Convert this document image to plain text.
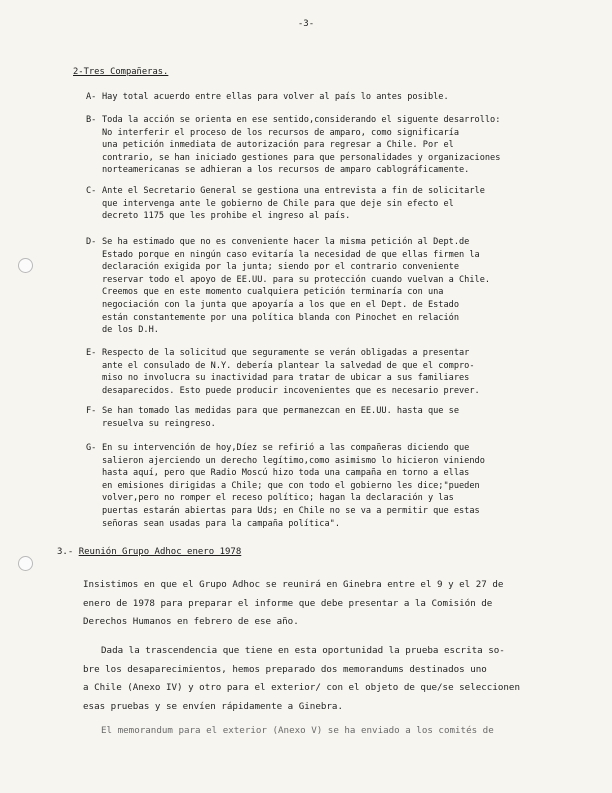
-3-
2-Tres Compañeras.
A- Hay total acuerdo entre ellas para volver al país lo antes posible.
B- Toda la acción se orienta en ese sentido,considerando el siguente desarrollo:
No interferir el proceso de los recursos de amparo, como significaría
una petición inmediata de autorización para regresar a Chile. Por el
contrario, se han iniciado gestiones para que personalidades y organizaciones
norteamericanas se adhieran a los recursos de amparo cablográficamente.
C- Ante el Secretario General se gestiona una entrevista a fin de solicitarle
que intervenga ante le gobierno de Chile para que deje sin efecto el
decreto 1175 que les prohibe el ingreso al país.
D- Se ha estimado que no es conveniente hacer la misma petición al Dept.de
Estado porque en ningún caso evitaría la necesidad de que ellas firmen la
declaración exigida por la junta; siendo por el contrario conveniente
reservar todo el apoyo de EE.UU. para su protección cuando vuelvan a Chile.
Creemos que en este momento cualquiera petición terminaría con una
negociación con la junta que apoyaría a los que en el Dept. de Estado
están constantemente por una política blanda con Pinochet en relación
de los D.H.
E- Respecto de la solicitud que seguramente se verán obligadas a presentar
ante el consulado de N.Y. debería plantear la salvedad de que el compro-
miso no involucra su inactividad para tratar de ubicar a sus familiares
desaparecidos. Esto puede producir incovenientes que es necesario prever.
F- Se han tomado las medidas para que permanezcan en EE.UU. hasta que se
resuelva su reingreso.
G- En su intervención de hoy,Díez se refirió a las compañeras diciendo que
salieron ajerciendo un derecho legítimo,como asimismo lo hicieron viniendo
hasta aquí, pero que Radio Moscú hizo toda una campaña en torno a ellas
en emisiones dirigidas a Chile; que con todo el gobierno les dice;"pueden
volver,pero no romper el receso político; hagan la declaración y las
puertas estarán abiertas para Uds; en Chile no se va a permitir que estas
señoras sean usadas para la campaña política".
3.- Reunión Grupo Adhoc enero 1978
Insistimos en que el Grupo Adhoc se reunirá en Ginebra entre el 9 y el 27 de
enero de 1978 para preparar el informe que debe presentar a la Comisión de
Derechos Humanos en febrero de ese año.
Dada la trascendencia que tiene en esta oportunidad la prueba escrita so-
bre los desaparecimientos, hemos preparado dos memorandums destinados uno
a Chile (Anexo IV) y otro para el exterior/ con el objeto de que/se seleccionen
esas pruebas y se envíen rápidamente a Ginebra.
El memorandum para el exterior (Anexo V) se ha enviado a los comités de
